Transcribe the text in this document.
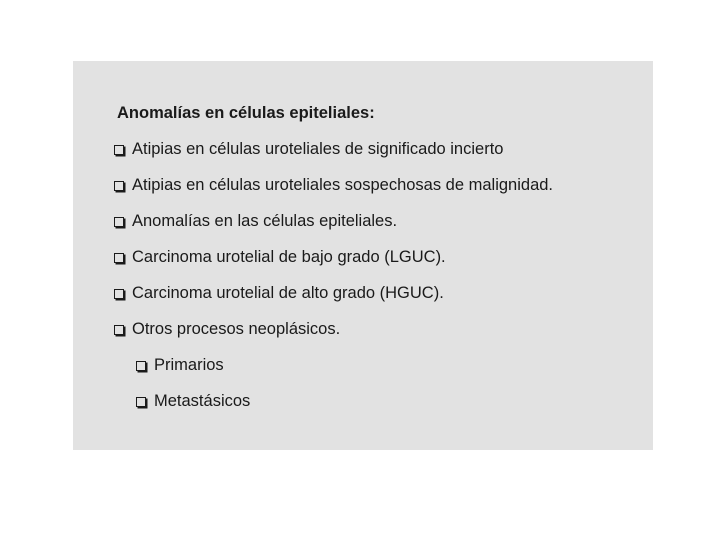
Anomalías en células epiteliales:
Atipias en células uroteliales de significado incierto
Atipias en células uroteliales sospechosas de malignidad.
Anomalías en las células epiteliales.
Carcinoma urotelial de bajo grado (LGUC).
Carcinoma urotelial de alto grado (HGUC).
Otros procesos neoplásicos.
Primarios
Metastásicos
